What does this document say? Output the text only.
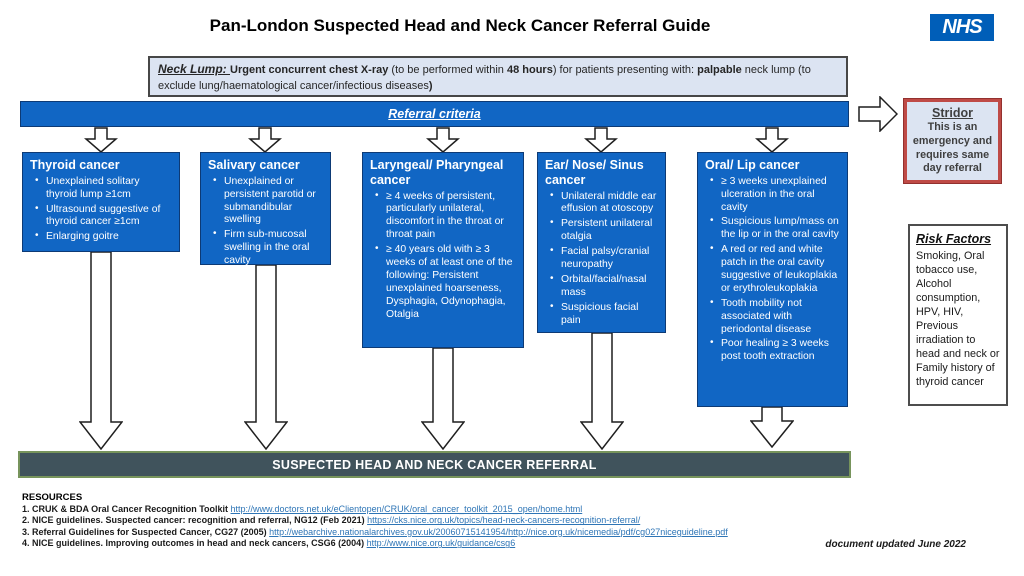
Pan-London Suspected Head and Neck Cancer Referral Guide	NHS
Neck Lump: Urgent concurrent chest X-ray (to be performed within 48 hours) for patients presenting with: palpable neck lump (to exclude lung/haematological cancer/infectious diseases)
Referral criteria
Thyroid cancer
• Unexplained solitary thyroid lump ≥1cm
• Ultrasound suggestive of thyroid cancer ≥1cm
• Enlarging goitre
Salivary cancer
• Unexplained or persistent parotid or submandibular swelling
• Firm sub-mucosal swelling in the oral cavity
Laryngeal/ Pharyngeal cancer
• ≥ 4 weeks of persistent, particularly unilateral, discomfort in the throat or throat pain
• ≥ 40 years old with ≥ 3 weeks of at least one of the following: Persistent unexplained hoarseness, Dysphagia, Odynophagia, Otalgia
Ear/ Nose/ Sinus cancer
• Unilateral middle ear effusion at otoscopy
• Persistent unilateral otalgia
• Facial palsy/cranial neuropathy
• Orbital/facial/nasal mass
• Suspicious facial pain
Oral/ Lip cancer
• ≥ 3 weeks unexplained ulceration in the oral cavity
• Suspicious lump/mass on the lip or in the oral cavity
• A red or red and white patch in the oral cavity suggestive of leukoplakia or erythroleukoplakia
• Tooth mobility not associated with periodontal disease
• Poor healing ≥ 3 weeks post tooth extraction
Stridor
This is an emergency and requires same day referral
Risk Factors
Smoking, Oral tobacco use, Alcohol consumption, HPV, HIV, Previous irradiation to head and neck or Family history of thyroid cancer
SUSPECTED HEAD AND NECK CANCER REFERRAL
RESOURCES
1. CRUK & BDA Oral Cancer Recognition Toolkit http://www.doctors.net.uk/eClientopen/CRUK/oral_cancer_toolkit_2015_open/home.html
2. NICE guidelines. Suspected cancer: recognition and referral, NG12 (Feb 2021) https://cks.nice.org.uk/topics/head-neck-cancers-recognition-referral/
3. Referral Guidelines for Suspected Cancer, CG27 (2005) http://webarchive.nationalarchives.gov.uk/20060715141954/http://nice.org.uk/nicemedia/pdf/cg027niceguideline.pdf
4. NICE guidelines. Improving outcomes in head and neck cancers, CSG6 (2004) http://www.nice.org.uk/guidance/csg6	document updated June 2022
